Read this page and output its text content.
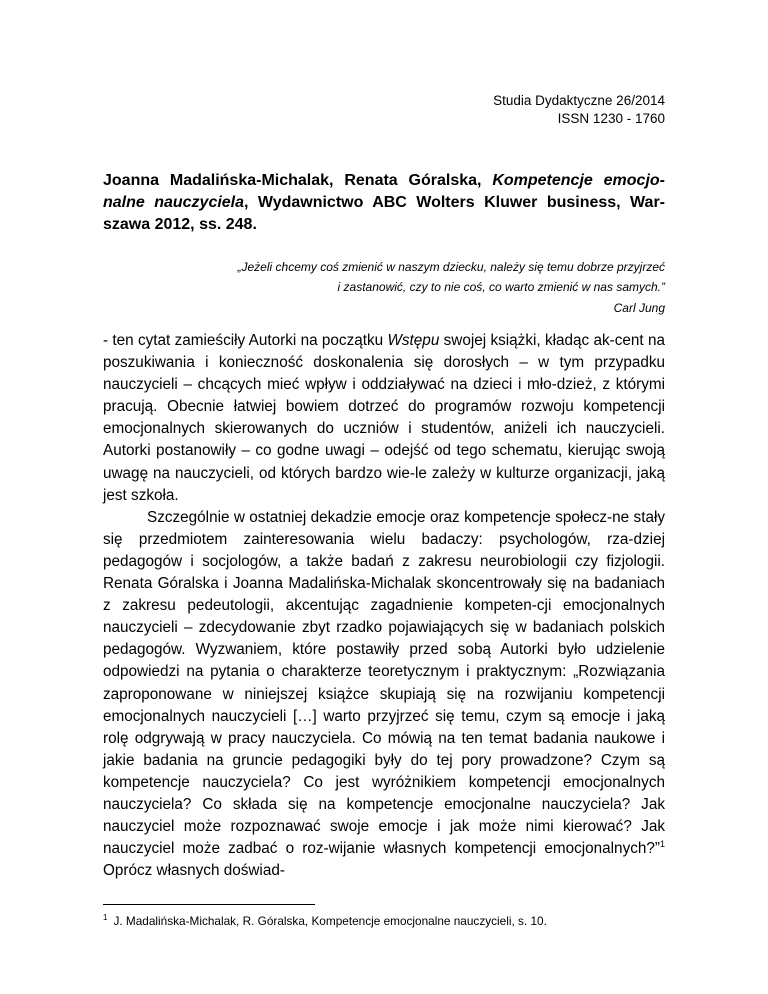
Studia Dydaktyczne 26/2014
ISSN 1230 - 1760
Joanna Madalińska-Michalak, Renata Góralska, Kompetencje emocjo-nalne nauczyciela, Wydawnictwo ABC Wolters Kluwer business, War-szawa 2012, ss. 248.
„Jeżeli chcemy coś zmienić w naszym dziecku, należy się temu dobrze przyjrzeć
i zastanowić, czy to nie coś, co warto zmienić w nas samych.”
Carl Jung

- ten cytat zamieściły Autorki na początku Wstępu swojej książki, kładąc ak-cent na poszukiwania i konieczność doskonalenia się dorosłych – w tym przypadku nauczycieli – chcących mieć wpływ i oddziaływać na dzieci i mło-dzież, z którymi pracują. Obecnie łatwiej bowiem dotrzeć do programów rozwoju kompetencji emocjonalnych skierowanych do uczniów i studentów, aniżeli ich nauczycieli. Autorki postanowiły – co godne uwagi – odejść od tego schematu, kierując swoją uwagę na nauczycieli, od których bardzo wie-le zależy w kulturze organizacji, jaką jest szkoła.

Szczególnie w ostatniej dekadzie emocje oraz kompetencje społecz-ne stały się przedmiotem zainteresowania wielu badaczy: psychologów, rza-dziej pedagogów i socjologów, a także badań z zakresu neurobiologii czy fizjologii. Renata Góralska i Joanna Madalińska-Michalak skoncentrowały się na badaniach z zakresu pedeutologii, akcentując zagadnienie kompeten-cji emocjonalnych nauczycieli – zdecydowanie zbyt rzadko pojawiających się w badaniach polskich pedagogów. Wyzwaniem, które postawiły przed sobą Autorki było udzielenie odpowiedzi na pytania o charakterze teoretycznym i praktycznym: „Rozwiązania zaproponowane w niniejszej książce skupiają się na rozwijaniu kompetencji emocjonalnych nauczycieli […] warto przyjrzeć się temu, czym są emocje i jaką rolę odgrywają w pracy nauczyciela. Co mówią na ten temat badania naukowe i jakie badania na gruncie pedagogiki były do tej pory prowadzone? Czym są kompetencje nauczyciela? Co jest wyróżnikiem kompetencji emocjonalnych nauczyciela? Co składa się na kompetencje emocjonalne nauczyciela? Jak nauczyciel może rozpoznawać swoje emocje i jak może nimi kierować? Jak nauczyciel może zadbać o roz-wijanie własnych kompetencji emocjonalnych?”$^1$ Oprócz własnych doświad-

$^1$ J. Madalińska-Michalak, R. Góralska, Kompetencje emocjonalne nauczycieli, s. 10.
